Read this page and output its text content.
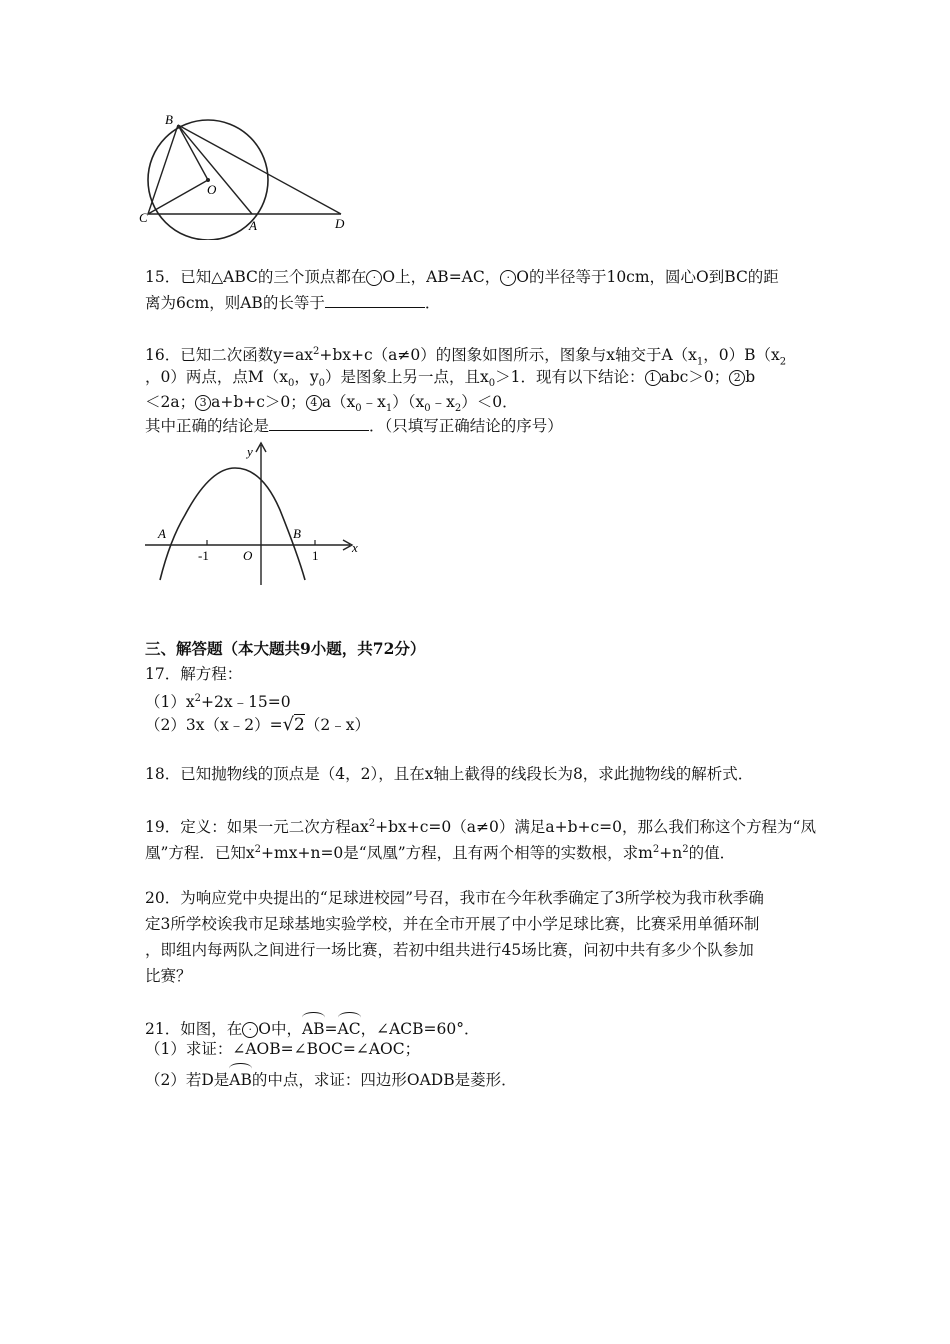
B
O
C
A	D
15．已知△ABC的三个顶点都在 · O上，AB=AC， · O的半径等于10cm，圆心O到BC的距
离为6cm，则AB的长等于	．
16．已知二次函数$y=ax^2+bx+c(a\ne 0)$的图象如图所示，图象与x轴交于$A(x_1$，$0)B(x_2$
，0）两点，点$M(x_0$，$y_0$）是图象上另一点，且$x_0>1$．现有以下结论： 1 abc＞0； 2 b
＜2a； 3 a+b+c＞0； 4 $a(x_0﹣x_1)(x_0﹣x_2)<0$．
其中正确的结论是	．（只填写正确结论的序号）
y
x
A	B
O
-1	1
三、解答题（本大题共9小题，共72分）
17．解方程：
$(1)x^2+2x﹣15=0$
（2）3x（x﹣2）=√2（2﹣x）
18．已知抛物线的顶点是（4，2），且在x轴上截得的线段长为8，求此抛物线的解析式．
19．定义：如果一元二次方程$ax^2+bx+c=0(a\ne 0)$满足a+b+c=0，那么我们称这个方程为“凤
凰”方程．已知$x^2+mx+n=0$是“凤凰”方程，且有两个相等的实数根，求$m^2+n^2$的值．
20．为响应党中央提出的“足球进校园”号召，我市在今年秋季确定了3所学校为我市秋季确
定3所学校诶我市足球基地实验学校，并在全市开展了中小学足球比赛，比赛采用单循环制
，即组内每两队之间进行一场比赛，若初中组共进行45场比赛，问初中共有多少个队参加
比赛？
21．如图，在 · O中，AB=AC，∠ACB=60°．
（1）求证：∠AOB=∠BOC=∠AOC；
（2）若D是AB的中点，求证：四边形OADB是菱形．
